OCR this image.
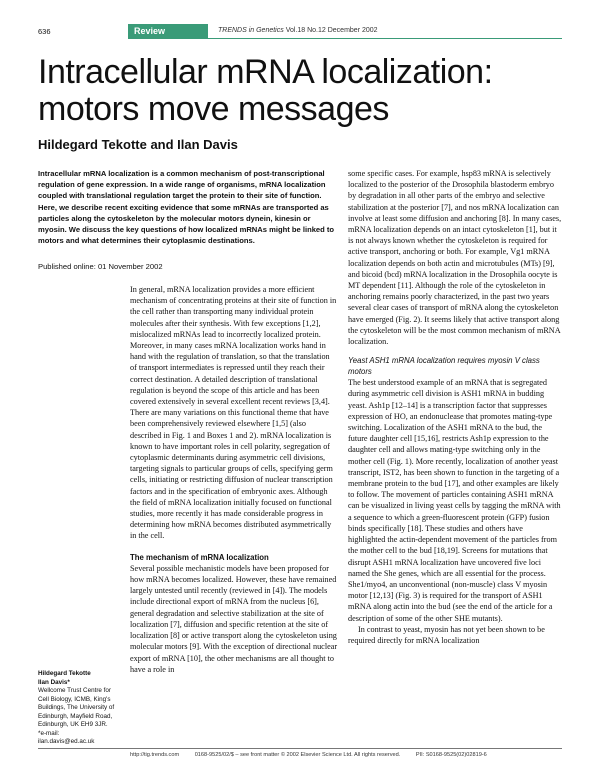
636	Review	TRENDS in Genetics Vol.18 No.12 December 2002
Intracellular mRNA localization:
motors move messages
Hildegard Tekotte and Ilan Davis

Intracellular mRNA localization is a common mechanism of post-transcriptional regulation of gene expression. In a wide range of organisms, mRNA localization coupled with translational regulation target the protein to their site of function. Here, we describe recent exciting evidence that some mRNAs are transported as particles along the cytoskeleton by the molecular motors dynein, kinesin or myosin. We discuss the key questions of how localized mRNAs might be linked to motors and what determines their cytoplasmic destinations.

Published online: 01 November 2002

In general, mRNA localization provides a more efficient mechanism of concentrating proteins at their site of function in the cell rather than transporting many individual protein molecules after their synthesis. With few exceptions [1,2], mislocalized mRNAs lead to incorrectly localized protein. Moreover, in many cases mRNA localization works hand in hand with the regulation of translation, so that the translation of transport intermediates is repressed until they reach their correct destination. A detailed description of translational regulation is beyond the scope of this article and has been covered extensively in several excellent recent reviews [3,4]. There are many variations on this functional theme that have been comprehensively reviewed elsewhere [1,5] (also described in Fig. 1 and Boxes 1 and 2). mRNA localization is known to have important roles in cell polarity, segregation of cytoplasmic determinants during asymmetric cell divisions, targeting signals to particular groups of cells, specifying germ cells, initiating or restricting diffusion of nuclear transcription factors and in the specification of embryonic axes. Although the field of mRNA localization initially focused on functional studies, more recently it has made considerable progress in determining how mRNA becomes distributed asymmetrically in the cell.

The mechanism of mRNA localization

Several possible mechanistic models have been proposed for how mRNA becomes localized. However, these have remained largely untested until recently (reviewed in [4]). The models include directional export of mRNA from the nucleus [6], general degradation and selective stabilization at the site of localization [7], diffusion and specific retention at the site of localization [8] or active transport along the cytoskeleton using molecular motors [9]. With the exception of directional nuclear export of mRNA [10], the other mechanisms are all thought to have a role in

some specific cases. For example, hsp83 mRNA is selectively localized to the posterior of the Drosophila blastoderm embryo by degradation in all other parts of the embryo and selective stabilization at the posterior [7], and nos mRNA localization can involve at least some diffusion and anchoring [8]. In many cases, mRNA localization depends on an intact cytoskeleton [1], but it is not always known whether the cytoskeleton is required for active transport, anchoring or both. For example, Vg1 mRNA localization depends on both actin and microtubules (MTs) [9], and bicoid (bcd) mRNA localization in the Drosophila oocyte is MT dependent [11]. Although the role of the cytoskeleton in anchoring remains poorly characterized, in the past two years several clear cases of transport of mRNA along the cytoskeleton have emerged (Fig. 2). It seems likely that active transport along the cytoskeleton will be the most common mechanism of mRNA localization.

Yeast ASH1 mRNA localization requires myosin V class motors

The best understood example of an mRNA that is segregated during asymmetric cell division is ASH1 mRNA in budding yeast. Ash1p [12–14] is a transcription factor that suppresses expression of HO, an endonuclease that promotes mating-type switching. Localization of the ASH1 mRNA to the bud, the future daughter cell [15,16], restricts Ash1p expression to the daughter cell and allows mating-type switching only in the mother cell (Fig. 1). More recently, localization of another yeast transcript, IST2, has been shown to function in the targeting of a membrane protein to the bud [17], and other examples are likely to follow. The movement of particles containing ASH1 mRNA can be visualized in living yeast cells by tagging the mRNA with a sequence to which a green-fluorescent protein (GFP) fusion binds specifically [18]. These studies and others have highlighted the actin-dependent movement of the particles from the mother cell to the bud [18,19]. Screens for mutations that disrupt ASH1 mRNA localization have uncovered five loci named the She genes, which are all essential for the process. She1/myo4, an unconventional (non-muscle) class V myosin motor [12,13] (Fig. 3) is required for the transport of ASH1 mRNA along actin into the bud (see the end of the article for a description of some of the other SHE mutants).

In contrast to yeast, myosin has not yet been shown to be required directly for mRNA localization

Hildegard Tekotte

Ilan Davis*

Wellcome Trust Centre for Cell Biology, ICMB, King's Buildings, The University of Edinburgh, Mayfield Road, Edinburgh, UK EH9 3JR.

*e-mail:

ilan.davis@ed.ac.uk

http://tig.trends.com	0168-9525/02/$ – see front matter © 2002 Elsevier Science Ltd. All rights reserved.	PII: S0168-9525(02)02819-6
